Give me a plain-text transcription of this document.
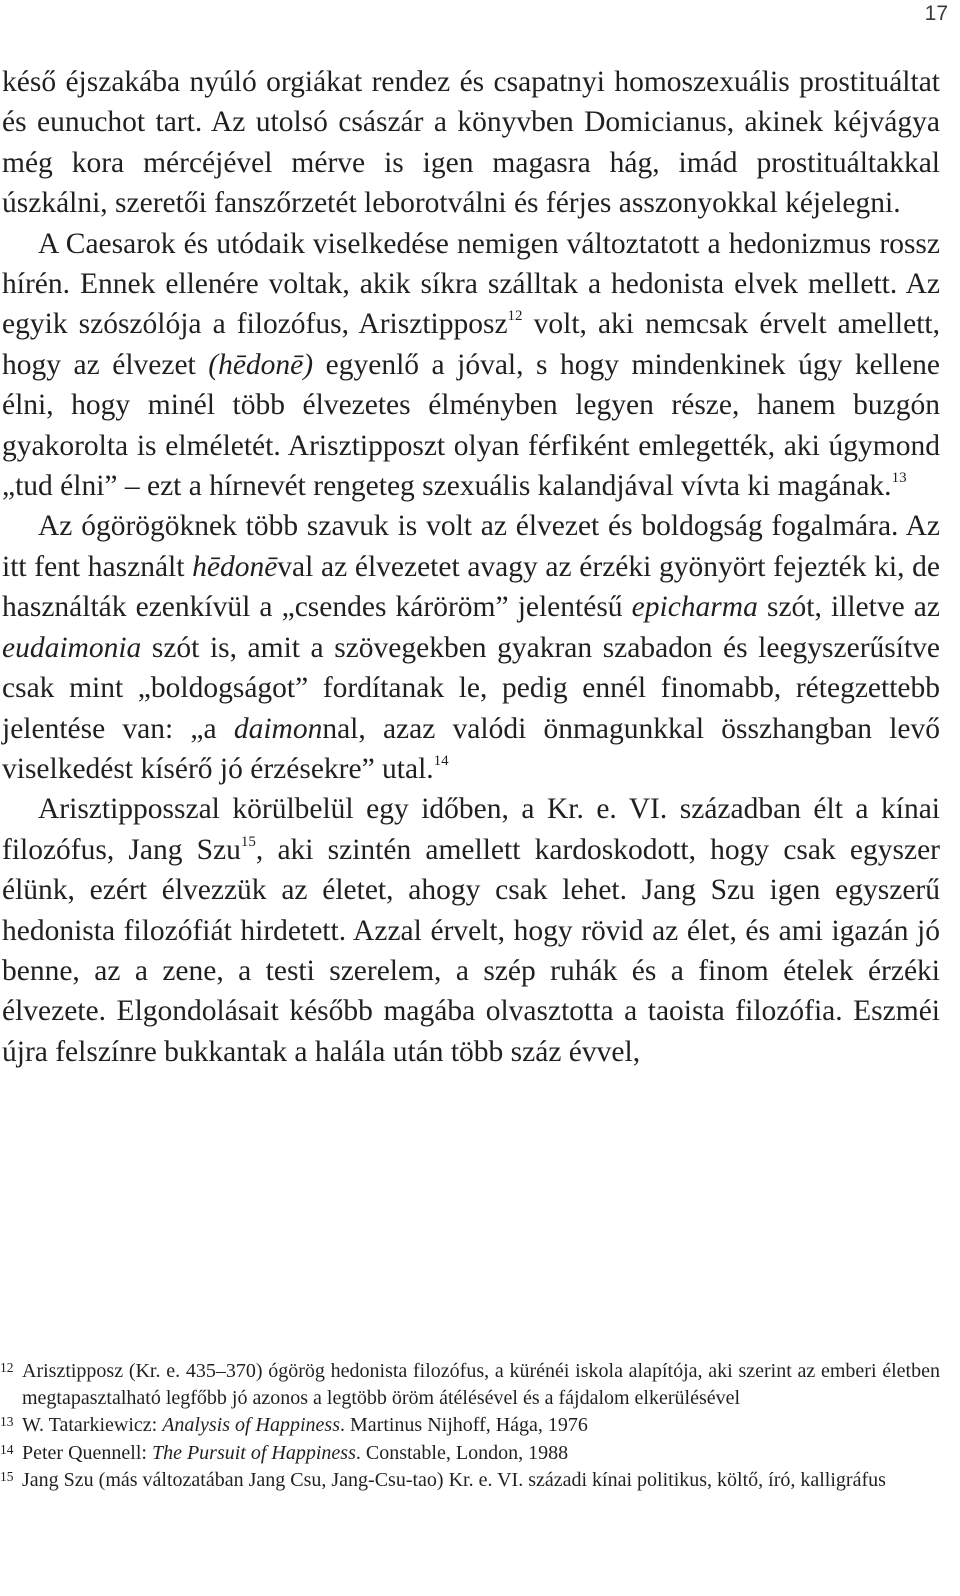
17

késő éjszakába nyúló orgiákat rendez és csapatnyi homoszexuális prostituáltat és eunuchot tart. Az utolsó császár a könyvben Domicianus, akinek kéjvágya még kora mércéjével mérve is igen magasra hág, imád prostituáltakkal úszkálni, szeretői fanszőrzetét leborotválni és férjes asszonyokkal kéjelegni.

A Caesarok és utódaik viselkedése nemigen változtatott a hedonizmus rossz hírén. Ennek ellenére voltak, akik síkra szálltak a hedonista elvek mellett. Az egyik szószólója a filozófus, Arisztipposz$^{12}$ volt, aki nemcsak érvelt amellett, hogy az élvezet (hēdonē) egyenlő a jóval, s hogy mindenkinek úgy kellene élni, hogy minél több élvezetes élményben legyen része, hanem buzgón gyakorolta is elméletét. Arisztipposzt olyan férfiként emlegették, aki úgymond „tud élni” – ezt a hírnevét rengeteg szexuális kalandjával vívta ki magának.$^{13}$

Az ógörögöknek több szavuk is volt az élvezet és boldogság fogalmára. Az itt fent használt hēdonēval az élvezetet avagy az érzéki gyönyört fejezték ki, de használták ezenkívül a „csendes káröröm” jelentésű epicharma szót, illetve az eudaimonia szót is, amit a szövegekben gyakran szabadon és leegyszerűsítve csak mint „boldogságot” fordítanak le, pedig ennél finomabb, rétegzettebb jelentése van: „a daimonnal, azaz valódi önmagunkkal összhangban levő viselkedést kísérő jó érzésekre” utal.$^{14}$

Arisztipposszal körülbelül egy időben, a Kr. e. VI. században élt a kínai filozófus, Jang Szu$^{15}$, aki szintén amellett kardoskodott, hogy csak egyszer élünk, ezért élvezzük az életet, ahogy csak lehet. Jang Szu igen egyszerű hedonista filozófiát hirdetett. Azzal érvelt, hogy rövid az élet, és ami igazán jó benne, az a zene, a testi szerelem, a szép ruhák és a finom ételek érzéki élvezete. Elgondolásait később magába olvasztotta a taoista filozófia. Eszméi újra felszínre bukkantak a halála után több száz évvel,

12 Arisztipposz (Kr. e. 435–370) ógörög hedonista filozófus, a kürénéi iskola alapítója, aki szerint az emberi életben megtapasztalható legfőbb jó azonos a legtöbb öröm átélésével és a fájdalom elkerülésével
13 W. Tatarkiewicz: Analysis of Happiness. Martinus Nijhoff, Hága, 1976
14 Peter Quennell: The Pursuit of Happiness. Constable, London, 1988
15 Jang Szu (más változatában Jang Csu, Jang-Csu-tao) Kr. e. VI. századi kínai politikus, költő, író, kalligráfus
